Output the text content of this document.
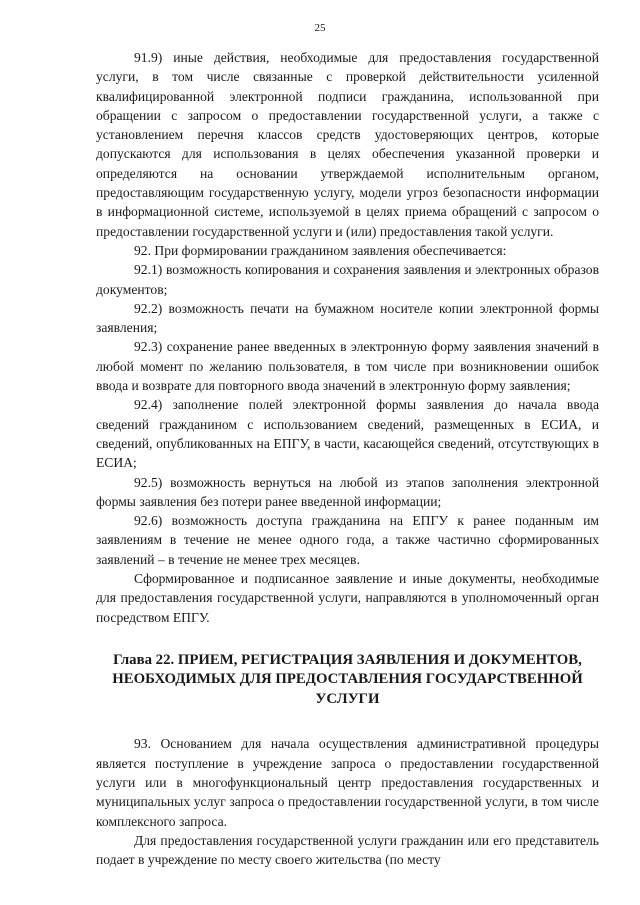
25

91.9) иные действия, необходимые для предоставления государственной услуги, в том числе связанные с проверкой действительности усиленной квалифицированной электронной подписи гражданина, использованной при обращении с запросом о предоставлении государственной услуги, а также с установлением перечня классов средств удостоверяющих центров, которые допускаются для использования в целях обеспечения указанной проверки и определяются на основании утверждаемой исполнительным органом, предоставляющим государственную услугу, модели угроз безопасности информации в информационной системе, используемой в целях приема обращений с запросом о предоставлении государственной услуги и (или) предоставления такой услуги.

92. При формировании гражданином заявления обеспечивается:

92.1) возможность копирования и сохранения заявления и электронных образов документов;

92.2) возможность печати на бумажном носителе копии электронной формы заявления;

92.3) сохранение ранее введенных в электронную форму заявления значений в любой момент по желанию пользователя, в том числе при возникновении ошибок ввода и возврате для повторного ввода значений в электронную форму заявления;

92.4) заполнение полей электронной формы заявления до начала ввода сведений гражданином с использованием сведений, размещенных в ЕСИА, и сведений, опубликованных на ЕПГУ, в части, касающейся сведений, отсутствующих в ЕСИА;

92.5) возможность вернуться на любой из этапов заполнения электронной формы заявления без потери ранее введенной информации;

92.6) возможность доступа гражданина на ЕПГУ к ранее поданным им заявлениям в течение не менее одного года, а также частично сформированных заявлений – в течение не менее трех месяцев.

Сформированное и подписанное заявление и иные документы, необходимые для предоставления государственной услуги, направляются в уполномоченный орган посредством ЕПГУ.

Глава 22. ПРИЕМ, РЕГИСТРАЦИЯ ЗАЯВЛЕНИЯ И ДОКУМЕНТОВ, НЕОБХОДИМЫХ ДЛЯ ПРЕДОСТАВЛЕНИЯ ГОСУДАРСТВЕННОЙ УСЛУГИ

93. Основанием для начала осуществления административной процедуры является поступление в учреждение запроса о предоставлении государственной услуги или в многофункциональный центр предоставления государственных и муниципальных услуг запроса о предоставлении государственной услуги, в том числе комплексного запроса.

Для предоставления государственной услуги гражданин или его представитель подает в учреждение по месту своего жительства (по месту
